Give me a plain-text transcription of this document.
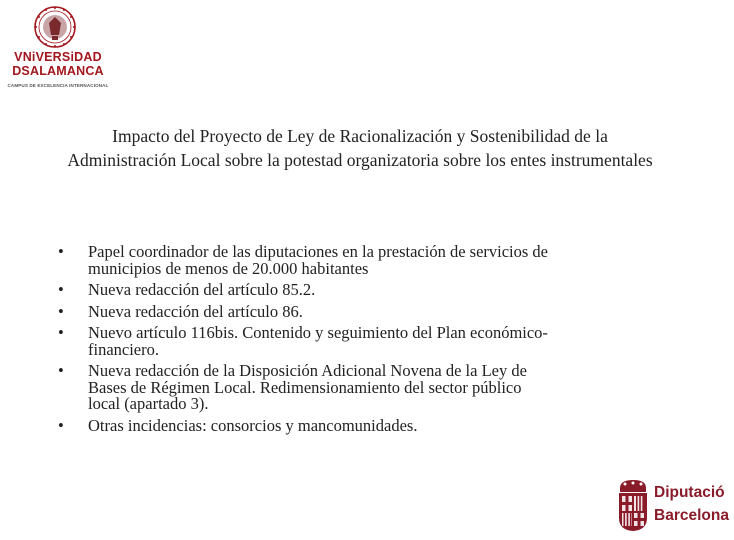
VNiVERSiDAD
DSALAMANCA
CAMPUS DE EXCELENCIA INTERNACIONAL
Impacto del Proyecto de Ley de Racionalización y Sostenibilidad de la Administración Local sobre la potestad organizatoria sobre los entes instrumentales
• Papel coordinador de las diputaciones en la prestación de servicios de municipios de menos de 20.000 habitantes
• Nueva redacción del artículo 85.2.
• Nueva redacción del artículo 86.
• Nuevo artículo 116bis. Contenido y seguimiento del Plan económico-financiero.
• Nueva redacción de la Disposición Adicional Novena de la Ley de Bases de Régimen Local. Redimensionamiento del sector público local (apartado 3).
• Otras incidencias: consorcios y mancomunidades.
Diputació
Barcelona
